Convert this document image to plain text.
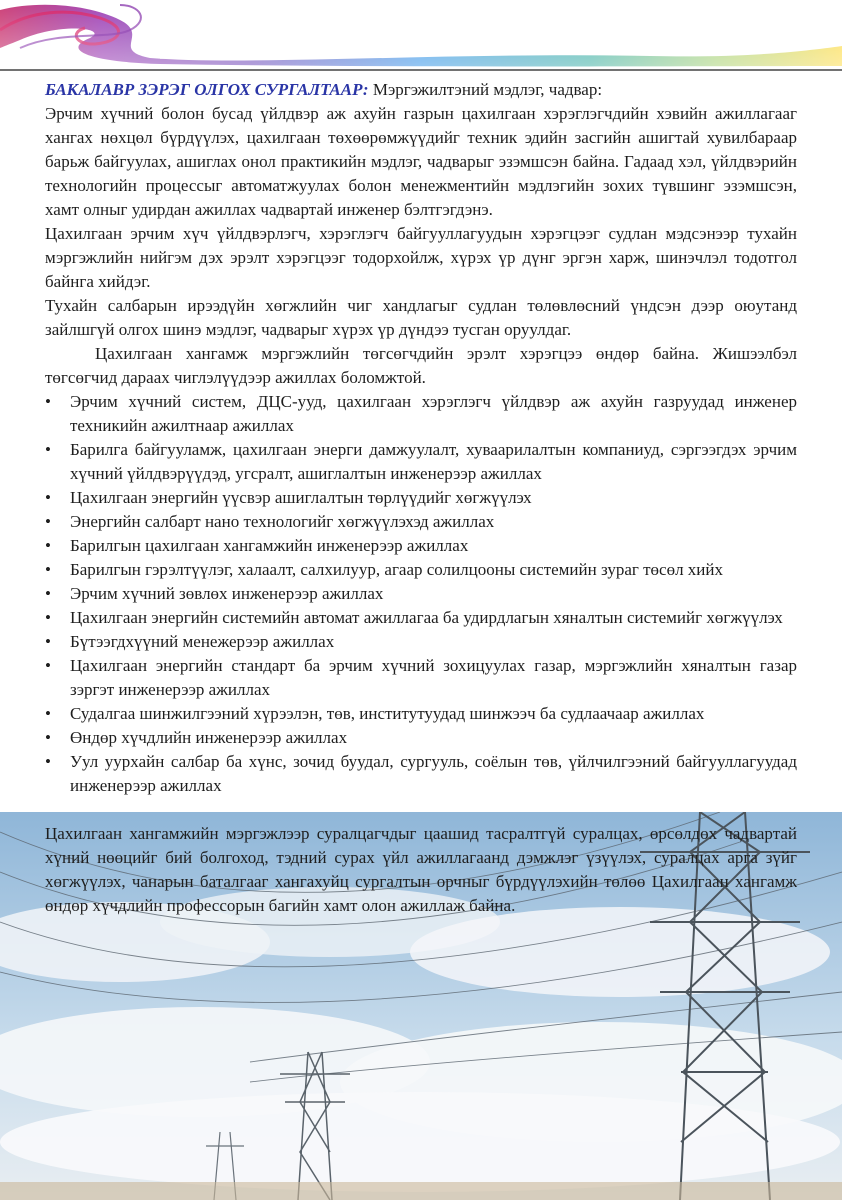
БАКАЛАВР ЗЭРЭГ ОЛГОХ СУРГАЛТААР: Мэргэжилтэний мэдлэг, чадвар:

Эрчим хүчний болон бусад үйлдвэр аж ахуйн газрын цахилгаан хэрэглэгчдийн хэвийн ажиллагааг хангах нөхцөл бүрдүүлэх, цахилгаан төхөөрөмжүүдийг техник эдийн засгийн ашигтай хувилбараар барьж байгуулах, ашиглах онол практикийн мэдлэг, чадварыг эзэмшсэн байна. Гадаад хэл, үйлдвэрийн технологийн процессыг автоматжуулах болон менежментийн мэдлэгийн зохих түвшинг эзэмшсэн, хамт олныг удирдан ажиллах чадвартай инженер бэлтгэгдэнэ.

Цахилгаан эрчим хүч үйлдвэрлэгч, хэрэглэгч байгууллагуудын хэрэгцээг судлан мэдсэнээр тухайн мэргэжлийн нийгэм дэх эрэлт хэрэгцээг тодорхойлж, хүрэх үр дүнг эргэн харж, шинэчлэл тодотгол байнга хийдэг.

Тухайн салбарын ирээдүйн хөгжлийн чиг хандлагыг судлан төлөвлөсний үндсэн дээр оюутанд зайлшгүй олгох шинэ мэдлэг, чадварыг хүрэх үр дүндээ тусган оруулдаг.

Цахилгаан хангамж мэргэжлийн төгсөгчдийн эрэлт хэрэгцээ өндөр байна. Жишээлбэл төгсөгчид дараах чиглэлүүдээр ажиллах боломжтой.

• Эрчим хүчний систем, ДЦС-ууд, цахилгаан хэрэглэгч үйлдвэр аж ахуйн газруудад инженер техникийн ажилтнаар ажиллах
• Барилга байгууламж, цахилгаан энерги дамжуулалт, хуваарилалтын компаниуд, сэргээгдэх эрчим хүчний үйлдвэрүүдэд, угсралт, ашиглалтын инженерээр ажиллах
• Цахилгаан энергийн үүсвэр ашиглалтын төрлүүдийг хөгжүүлэх
• Энергийн салбарт нано технологийг хөгжүүлэхэд ажиллах
• Барилгын цахилгаан хангамжийн инженерээр ажиллах
• Барилгын гэрэлтүүлэг, халаалт, салхилуур, агаар солилцооны системийн зураг төсөл хийх
• Эрчим хүчний зөвлөх инженерээр ажиллах
• Цахилгаан энергийн системийн автомат ажиллагаа ба удирдлагын хяналтын системийг хөгжүүлэх
• Бүтээгдхүүний менежерээр ажиллах
• Цахилгаан энергийн стандарт ба эрчим хүчний зохицуулах газар, мэргэжлийн хяналтын газар зэргэт инженерээр ажиллах
• Судалгаа шинжилгээний хүрээлэн, төв, институтуудад шинжээч ба судлаачаар ажиллах
• Өндөр хүчдлийн инженерээр ажиллах
• Уул уурхайн салбар ба хүнс, зочид буудал, сургууль, соёлын төв, үйлчилгээний байгууллагуудад инженерээр ажиллах

Цахилгаан хангамжийн мэргэжлээр суралцагчдыг цаашид тасралтгүй суралцах, өрсөлдөх чадвартай хүний нөөцийг бий болгоход, тэдний сурах үйл ажиллагаанд дэмжлэг үзүүлэх, суралцах арга зүйг хөгжүүлэх, чанарын баталгааг хангахуйц сургалтын орчныг бүрдүүлэхийн төлөө Цахилгаан хангамж өндөр хүчдлийн профессорын багийн хамт олон ажиллаж байна.
